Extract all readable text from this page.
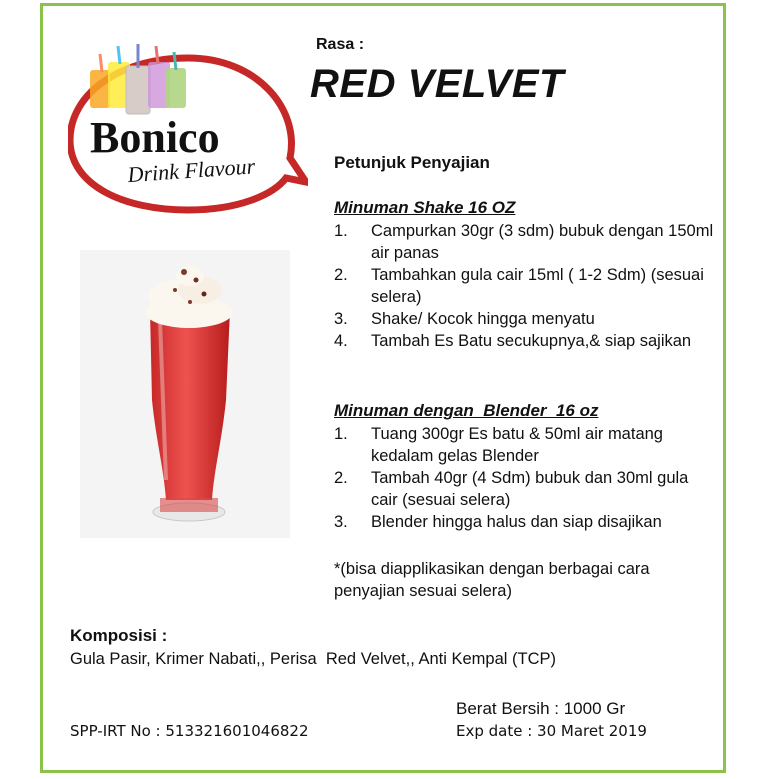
Bonico
Drink Flavour
Rasa :
RED VELVET
Petunjuk Penyajian
Minuman Shake 16 OZ
1. Campurkan 30gr (3 sdm) bubuk dengan 150ml air panas
2. Tambahkan gula cair 15ml ( 1-2 Sdm) (sesuai selera)
3. Shake/ Kocok hingga menyatu
4. Tambah Es Batu secukupnya,& siap sajikan
Minuman dengan  Blender  16 oz
1. Tuang 300gr Es batu & 50ml air matang kedalam gelas Blender
2. Tambah 40gr (4 Sdm) bubuk dan 30ml gula cair (sesuai selera)
3. Blender hingga halus dan siap disajikan
*(bisa diapplikasikan dengan berbagai cara penyajian sesuai selera)
Komposisi :
Gula Pasir, Krimer Nabati,, Perisa  Red Velvet,, Anti Kempal (TCP)
Berat Bersih : 1000 Gr
SPP-IRT No : 513321601046822	Exp date : 30 Maret 2019
